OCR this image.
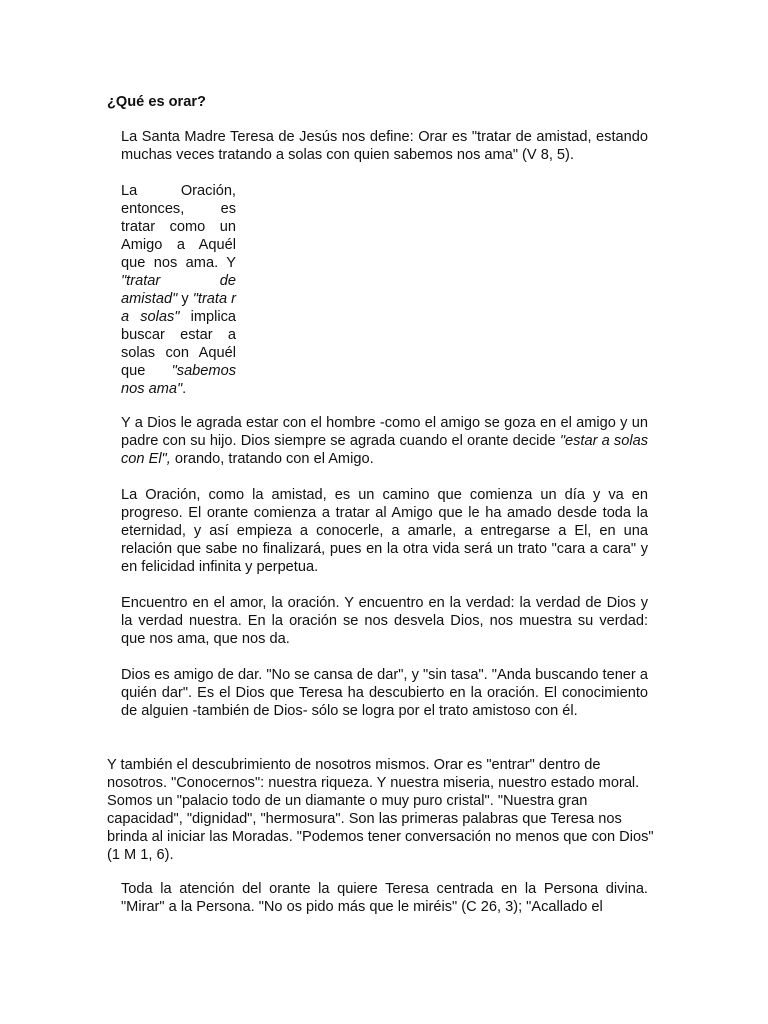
¿Qué es orar?
La Santa Madre Teresa de Jesús nos define: Orar es "tratar de amistad, estando muchas veces tratando a solas con quien sabemos nos ama" (V 8, 5).
La Oración, entonces, es tratar como un Amigo a Aquél que nos ama. Y "tratar de amistad" y "trata r a solas" implica buscar estar a solas con Aquél que "sabemos nos ama".
Y a Dios le agrada estar con el hombre -como el amigo se goza en el amigo y un padre con su hijo. Dios siempre se agrada cuando el orante decide "estar a solas con El", orando, tratando con el Amigo.
La Oración, como la amistad, es un camino que comienza un día y va en progreso. El orante comienza a tratar al Amigo que le ha amado desde toda la eternidad, y así empieza a conocerle, a amarle, a entregarse a El, en una relación que sabe no finalizará, pues en la otra vida será un trato "cara a cara" y en felicidad infinita y perpetua.
Encuentro en el amor, la oración. Y encuentro en la verdad: la verdad de Dios y la verdad nuestra. En la oración se nos desvela Dios, nos muestra su verdad: que nos ama, que nos da.
Dios es amigo de dar. "No se cansa de dar", y "sin tasa". "Anda buscando tener a quién dar". Es el Dios que Teresa ha descubierto en la oración. El conocimiento de alguien -también de Dios- sólo se logra por el trato amistoso con él.
Y también el descubrimiento de nosotros mismos. Orar es "entrar" dentro de nosotros. "Conocernos": nuestra riqueza. Y nuestra miseria, nuestro estado moral. Somos un "palacio todo de un diamante o muy puro cristal". "Nuestra gran capacidad", "dignidad", "hermosura". Son las primeras palabras que Teresa nos brinda al iniciar las Moradas. "Podemos tener conversación no menos que con Dios" (1 M 1, 6).
Toda la atención del orante la quiere Teresa centrada en la Persona divina. "Mirar" a la Persona. "No os pido más que le miréis" (C 26, 3); "Acallado el
